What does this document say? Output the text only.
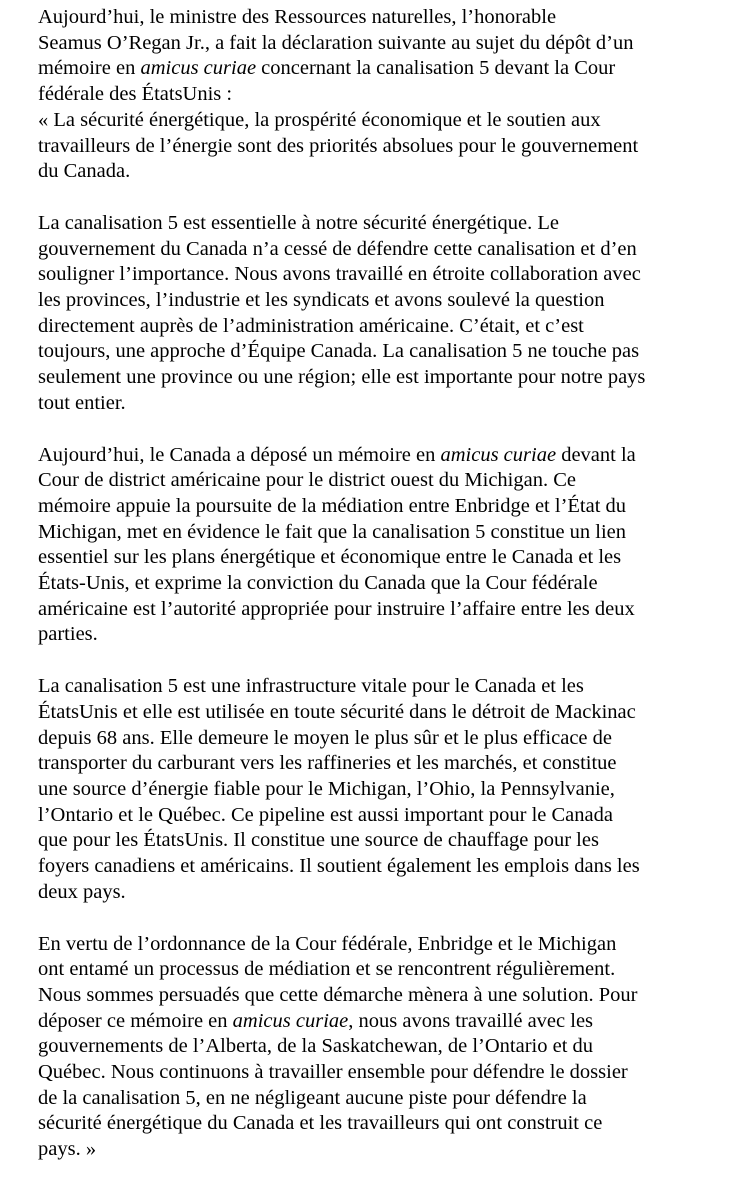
Aujourd’hui, le ministre des Ressources naturelles, l’honorable
Seamus O’Regan Jr., a fait la déclaration suivante au sujet du dépôt d’un
mémoire en amicus curiae concernant la canalisation 5 devant la Cour
fédérale des ÉtatsUnis :
« La sécurité énergétique, la prospérité économique et le soutien aux
travailleurs de l’énergie sont des priorités absolues pour le gouvernement
du Canada.

La canalisation 5 est essentielle à notre sécurité énergétique. Le
gouvernement du Canada n’a cessé de défendre cette canalisation et d’en
souligner l’importance. Nous avons travaillé en étroite collaboration avec
les provinces, l’industrie et les syndicats et avons soulevé la question
directement auprès de l’administration américaine. C’était, et c’est
toujours, une approche d’Équipe Canada. La canalisation 5 ne touche pas
seulement une province ou une région; elle est importante pour notre pays
tout entier.

Aujourd’hui, le Canada a déposé un mémoire en amicus curiae devant la
Cour de district américaine pour le district ouest du Michigan. Ce
mémoire appuie la poursuite de la médiation entre Enbridge et l’État du
Michigan, met en évidence le fait que la canalisation 5 constitue un lien
essentiel sur les plans énergétique et économique entre le Canada et les
États-Unis, et exprime la conviction du Canada que la Cour fédérale
américaine est l’autorité appropriée pour instruire l’affaire entre les deux
parties.

La canalisation 5 est une infrastructure vitale pour le Canada et les
ÉtatsUnis et elle est utilisée en toute sécurité dans le détroit de Mackinac
depuis 68 ans. Elle demeure le moyen le plus sûr et le plus efficace de
transporter du carburant vers les raffineries et les marchés, et constitue
une source d’énergie fiable pour le Michigan, l’Ohio, la Pennsylvanie,
l’Ontario et le Québec. Ce pipeline est aussi important pour le Canada
que pour les ÉtatsUnis. Il constitue une source de chauffage pour les
foyers canadiens et américains. Il soutient également les emplois dans les
deux pays.

En vertu de l’ordonnance de la Cour fédérale, Enbridge et le Michigan
ont entamé un processus de médiation et se rencontrent régulièrement.
Nous sommes persuadés que cette démarche mènera à une solution. Pour
déposer ce mémoire en amicus curiae, nous avons travaillé avec les
gouvernements de l’Alberta, de la Saskatchewan, de l’Ontario et du
Québec. Nous continuons à travailler ensemble pour défendre le dossier
de la canalisation 5, en ne négligeant aucune piste pour défendre la
sécurité énergétique du Canada et les travailleurs qui ont construit ce
pays. »
